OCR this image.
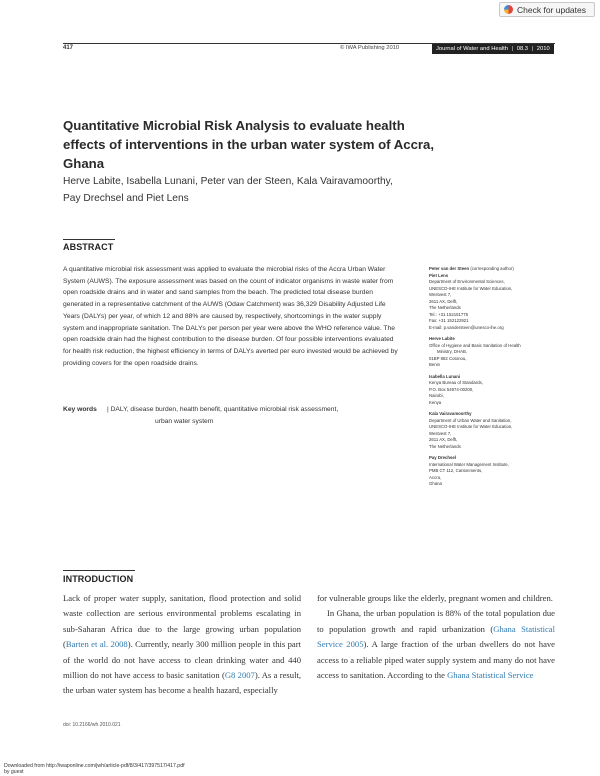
Check for updates
417	© IWA Publishing 2010	Journal of Water and Health | 08.3 | 2010
Quantitative Microbial Risk Analysis to evaluate health effects of interventions in the urban water system of Accra, Ghana
Herve Labite, Isabella Lunani, Peter van der Steen, Kala Vairavamoorthy,
Pay Drechsel and Piet Lens
ABSTRACT
A quantitative microbial risk assessment was applied to evaluate the microbial risks of the Accra Urban Water System (AUWS). The exposure assessment was based on the count of indicator organisms in waste water from open roadside drains and in water and sand samples from the beach. The predicted total disease burden generated in a representative catchment of the AUWS (Odaw Catchment) was 36,329 Disability Adjusted Life Years (DALYs) per year, of which 12 and 88% are caused by, respectively, shortcomings in the water supply system and inappropriate sanitation. The DALYs per person per year were above the WHO reference value. The open roadside drain had the highest contribution to the disease burden. Of four possible interventions evaluated for health risk reduction, the highest efficiency in terms of DALYs averted per euro invested would be achieved by providing covers for the open roadside drains.
Key words	| DALY, disease burden, health benefit, quantitative microbial risk assessment,
urban water system
Peter van der Steen (corresponding author)
Piet Lens
Department of Environmental Sciences,
UNESCO-IHE Institute for Water Education,
Westvest 7,
2611 AX, Delft,
The Netherlands
Tel.: +31 152151775
Fax: +31 152122921
E-mail: p.vandersteen@unesco-ihe.org
Herve Labite
Office of Hygiene and Basic Sanitation of Health
Ministry, DHAB,
01BP 882 Cotonou,
Benin
Isabella Lunani
Kenya Bureau of Standards,
P.O. Box 54974-00200,
Nairobi,
Kenya
Kala Vairavamoorthy
Department of Urban Water and Sanitation,
UNESCO-IHE Institute for Water Education,
Westvest 7,
2611 AX, Delft,
The Netherlands
Pay Drechsel
International Water Management Institute,
PMB CT 112, Cantonments,
Accra,
Ghana
INTRODUCTION

Lack of proper water supply, sanitation, flood protection and solid waste collection are serious environmental problems escalating in sub-Saharan Africa due to the large growing urban population (Barten et al. 2008). Currently, nearly 300 million people in this part of the world do not have access to clean drinking water and 440 million do not have access to basic sanitation (G8 2007). As a result, the urban water system has become a health hazard, especially

for vulnerable groups like the elderly, pregnant women and children.

In Ghana, the urban population is 88% of the total population due to population growth and rapid urbanization (Ghana Statistical Service 2005). A large fraction of the urban dwellers do not have access to a reliable piped water supply system and many do not have access to sanitation. According to the Ghana Statistical Service

doi: 10.2166/wh.2010.021
Downloaded from http://iwaponline.com/jwh/article-pdf/8/3/417/397517/417.pdf
by guest
